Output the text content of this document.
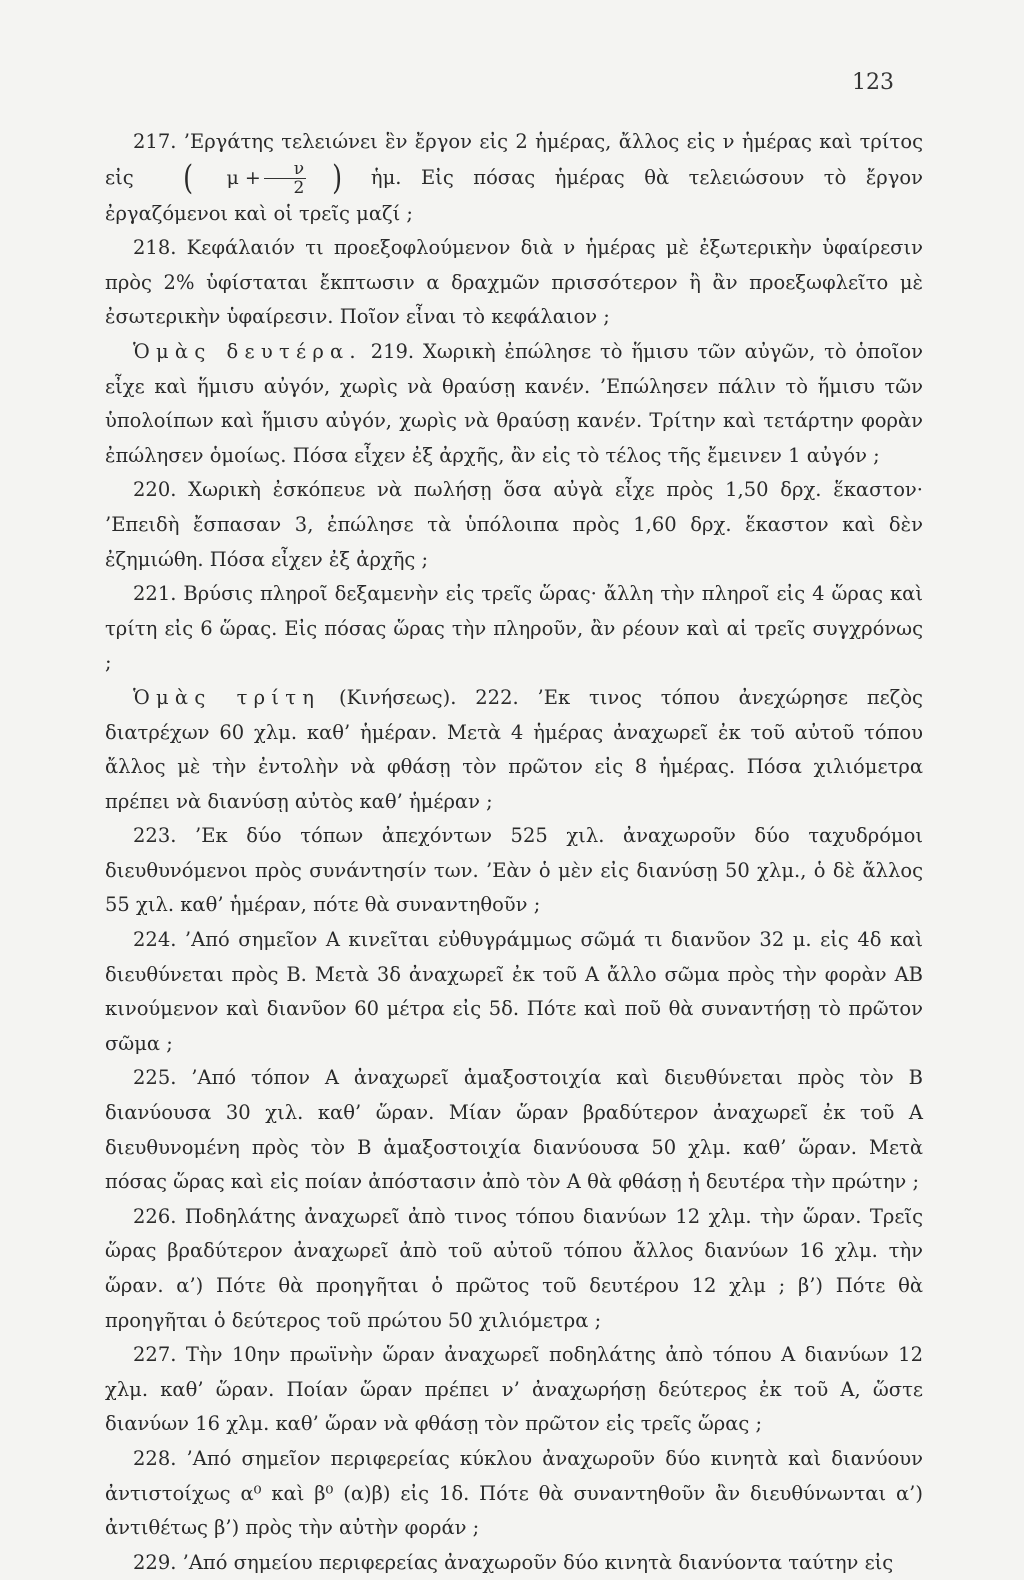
123

217. ’Εργάτης τελειώνει ἓν ἔργον εἰς 2 ἡμέρας, ἄλλος εἰς ν ἡμέρας καὶ τρίτος εἰς	(	$\mu + \frac{\nu}{2}$ ) ἡμ. Εἰς πόσας ἡμέρας θὰ τελειώσουν τὸ ἔργον ἐργαζόμενοι καὶ οἱ τρεῖς μαζί ;

218. Κεφάλαιόν τι προεξοφλούμενον διὰ ν ἡμέρας μὲ ἐξωτερικὴν ὑφαίρεσιν πρὸς 2% ὑφίσταται ἔκπτωσιν α δραχμῶν πρισσότερον ἢ ἂν προεξωφλεῖτο μὲ ἐσωτερικὴν ὑφαίρεσιν. Ποῖον εἶναι τὸ κεφάλαιον ;

Ὁμὰς δευτέρα. 219. Χωρικὴ ἐπώλησε τὸ ἥμισυ τῶν αὐγῶν, τὸ ὁποῖον εἶχε καὶ ἥμισυ αὐγόν, χωρὶς νὰ θραύσῃ κανέν. ’Επώλησεν πάλιν τὸ ἥμισυ τῶν ὑπολοίπων καὶ ἥμισυ αὐγόν, χωρὶς νὰ θραύσῃ κανέν. Τρίτην καὶ τετάρτην φορὰν ἐπώλησεν ὁμοίως. Πόσα εἶχεν ἐξ ἀρχῆς, ἂν εἰς τὸ τέλος τῆς ἔμεινεν 1 αὐγόν ;

220. Χωρικὴ ἐσκόπευε νὰ πωλήσῃ ὅσα αὐγὰ εἶχε πρὸς 1,50 δρχ. ἕκαστον· ’Επειδὴ ἔσπασαν 3, ἐπώλησε τὰ ὑπόλοιπα πρὸς 1,60 δρχ. ἕκαστον καὶ δὲν ἐζημιώθη. Πόσα εἶχεν ἐξ ἀρχῆς ;

221. Βρύσις πληροῖ δεξαμενὴν εἰς τρεῖς ὥρας· ἄλλη τὴν πληροῖ εἰς 4 ὥρας καὶ τρίτη εἰς 6 ὥρας. Εἰς πόσας ὥρας τὴν πληροῦν, ἂν ρέουν καὶ αἱ τρεῖς συγχρόνως ;

Ὁμὰς τρίτη (Κινήσεως). 222. ’Εκ τινος τόπου ἀνεχώρησε πεζὸς διατρέχων 60 χλμ. καθ’ ἡμέραν. Μετὰ 4 ἡμέρας ἀναχωρεῖ ἐκ τοῦ αὐτοῦ τόπου ἄλλος μὲ τὴν ἐντολὴν νὰ φθάσῃ τὸν πρῶτον εἰς 8 ἡμέρας. Πόσα χιλιόμετρα πρέπει νὰ διανύσῃ αὐτὸς καθ’ ἡμέραν ;

223. ’Εκ δύο τόπων ἀπεχόντων 525 χιλ. ἀναχωροῦν δύο ταχυδρόμοι διευθυνόμενοι πρὸς συνάντησίν των. ’Εὰν ὁ μὲν εἰς διανύσῃ 50 χλμ., ὁ δὲ ἄλλος 55 χιλ. καθ’ ἡμέραν, πότε θὰ συναντηθοῦν ;

224. ’Από σημεῖον Α κινεῖται εὐθυγράμμως σῶμά τι διανῦον 32 μ. εἰς 4δ καὶ διευθύνεται πρὸς Β. Μετὰ 3δ ἀναχωρεῖ ἐκ τοῦ Α ἄλλο σῶμα πρὸς τὴν φορὰν ΑΒ κινούμενον καὶ διανῦον 60 μέτρα εἰς 5δ. Πότε καὶ ποῦ θὰ συναντήσῃ τὸ πρῶτον σῶμα ;

225. ’Από τόπον Α ἀναχωρεῖ ἁμαξοστοιχία καὶ διευθύνεται πρὸς τὸν Β διανύουσα 30 χιλ. καθ’ ὥραν. Μίαν ὥραν βραδύτερον ἀναχωρεῖ ἐκ τοῦ Α διευθυνομένη πρὸς τὸν Β ἁμαξοστοιχία διανύουσα 50 χλμ. καθ’ ὥραν. Μετὰ πόσας ὥρας καὶ εἰς ποίαν ἀπόστασιν ἀπὸ τὸν Α θὰ φθάσῃ ἡ δευτέρα τὴν πρώτην ;

226. Ποδηλάτης ἀναχωρεῖ ἀπὸ τινος τόπου διανύων 12 χλμ. τὴν ὥραν. Τρεῖς ὥρας βραδύτερον ἀναχωρεῖ ἀπὸ τοῦ αὐτοῦ τόπου ἄλλος διανύων 16 χλμ. τὴν ὥραν. α’) Πότε θὰ προηγῆται ὁ πρῶτος τοῦ δευτέρου 12 χλμ ; β’) Πότε θὰ προηγῆται ὁ δεύτερος τοῦ πρώτου 50 χιλιόμετρα ;

227. Τὴν 10ην πρωϊνὴν ὥραν ἀναχωρεῖ ποδηλάτης ἀπὸ τόπου Α διανύων 12 χλμ. καθ’ ὥραν. Ποίαν ὥραν πρέπει ν’ ἀναχωρήσῃ δεύτερος ἐκ τοῦ Α, ὥστε διανύων 16 χλμ. καθ’ ὥραν νὰ φθάσῃ τὸν πρῶτον εἰς τρεῖς ὥρας ;

228. ’Από σημεῖον περιφερείας κύκλου ἀναχωροῦν δύο κινητὰ καὶ διανύουν ἀντιστοίχως α⁰ καὶ β⁰ (α)β) εἰς 1δ. Πότε θὰ συναντηθοῦν ἂν διευθύνωνται α’) ἀντιθέτως β’) πρὸς τὴν αὐτὴν φοράν ;

229. ’Από σημείου περιφερείας ἀναχωροῦν δύο κινητὰ διανύοντα ταύτην εἰς
